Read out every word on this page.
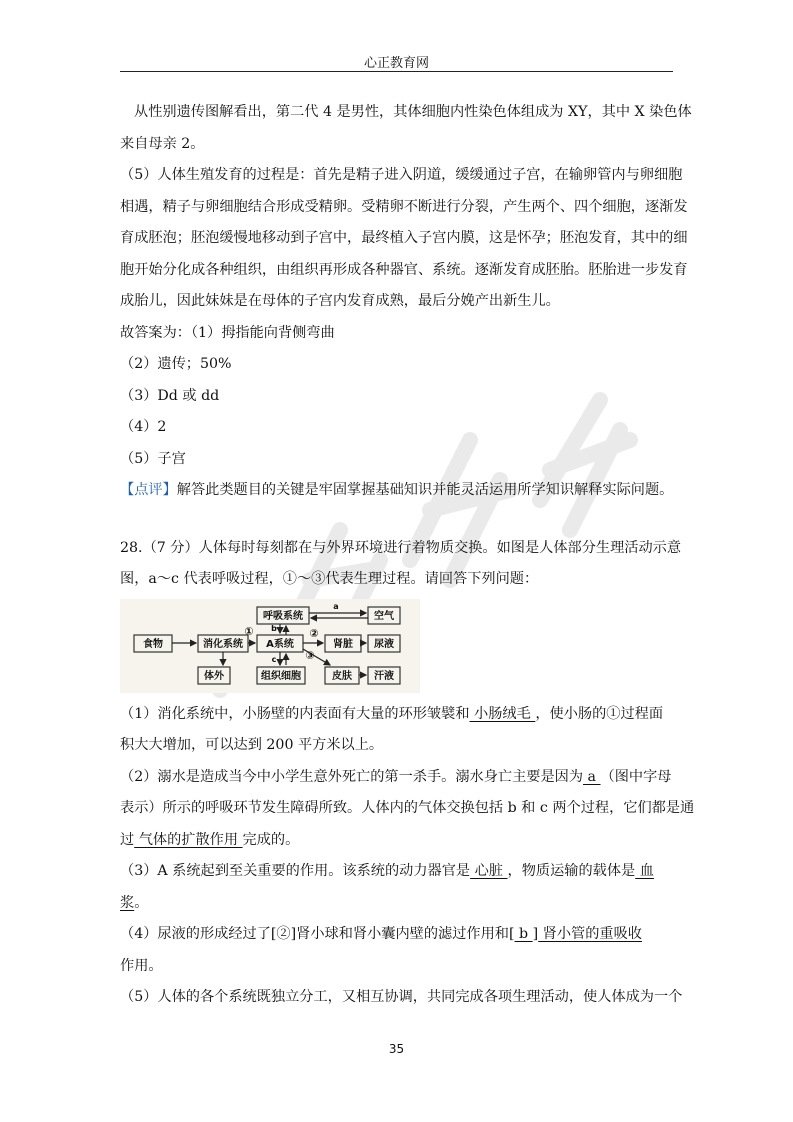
心正教育网

从性别遗传图解看出，第二代 4 是男性，其体细胞内性染色体组成为 XY，其中 X 染色体

来自母亲 2。

（5）人体生殖发育的过程是：首先是精子进入阴道，缓缓通过子宫，在输卵管内与卵细胞

相遇，精子与卵细胞结合形成受精卵。受精卵不断进行分裂，产生两个、四个细胞，逐渐发

育成胚泡；胚泡缓慢地移动到子宫中，最终植入子宫内膜，这是怀孕；胚泡发育，其中的细

胞开始分化成各种组织，由组织再形成各种器官、系统。逐渐发育成胚胎。胚胎进一步发育

成胎儿，因此妹妹是在母体的子宫内发育成熟，最后分娩产出新生儿。

故答案为：（1）拇指能向背侧弯曲

（2）遗传；50%

（3）Dd 或 dd

（4）2

（5）子宫

【点评】解答此类题目的关键是牢固掌握基础知识并能灵活运用所学知识解释实际问题。

28.（7 分）人体每时每刻都在与外界环境进行着物质交换。如图是人体部分生理活动示意

图，a～c 代表呼吸过程，①～③代表生理过程。请回答下列问题：

食物	消化系统
呼吸系统	空气
A系统	肾脏 尿液
体外	组织细胞	皮肤 汗液
a
b
c
①	②
③

（1）消化系统中，小肠壁的内表面有大量的环形皱襞和 小肠绒毛 ，使小肠的①过程面

积大大增加，可以达到 200 平方米以上。

（2）溺水是造成当今中小学生意外死亡的第一杀手。溺水身亡主要是因为 a （图中字母

表示）所示的呼吸环节发生障碍所致。人体内的气体交换包括 b 和 c 两个过程，它们都是通

过 气体的扩散作用 完成的。

（3）A 系统起到至关重要的作用。该系统的动力器官是 心脏 ，物质运输的载体是 血

浆。

（4）尿液的形成经过了[②]肾小球和肾小囊内壁的滤过作用和[ b ] 肾小管的重吸收

作用。

（5）人体的各个系统既独立分工，又相互协调，共同完成各项生理活动，使人体成为一个

35
